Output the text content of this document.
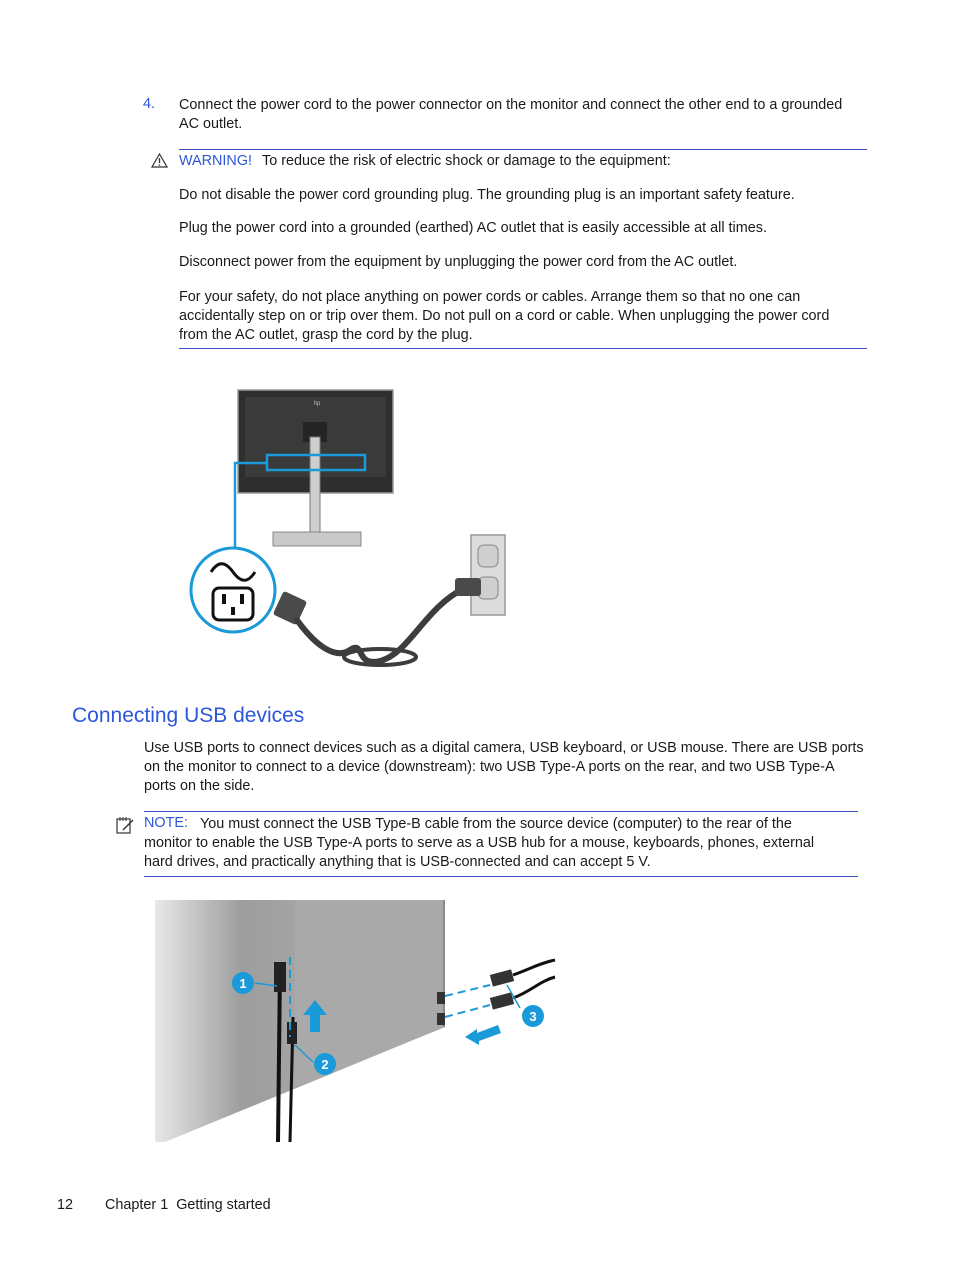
4. Connect the power cord to the power connector on the monitor and connect the other end to a grounded
AC outlet.
WARNING! To reduce the risk of electric shock or damage to the equipment:
Do not disable the power cord grounding plug. The grounding plug is an important safety feature.
Plug the power cord into a grounded (earthed) AC outlet that is easily accessible at all times.
Disconnect power from the equipment by unplugging the power cord from the AC outlet.
For your safety, do not place anything on power cords or cables. Arrange them so that no one can
accidentally step on or trip over them. Do not pull on a cord or cable. When unplugging the power cord
from the AC outlet, grasp the cord by the plug.
hp
Connecting USB devices
Use USB ports to connect devices such as a digital camera, USB keyboard, or USB mouse. There are USB ports
on the monitor to connect to a device (downstream): two USB Type-A ports on the rear, and two USB Type-A
ports on the side.
NOTE: You must connect the USB Type-B cable from the source device (computer) to the rear of the
monitor to enable the USB Type-A ports to serve as a USB hub for a mouse, keyboards, phones, external
hard drives, and practically anything that is USB-connected and can accept 5 V.
1
2
3
12 Chapter 1  Getting started
